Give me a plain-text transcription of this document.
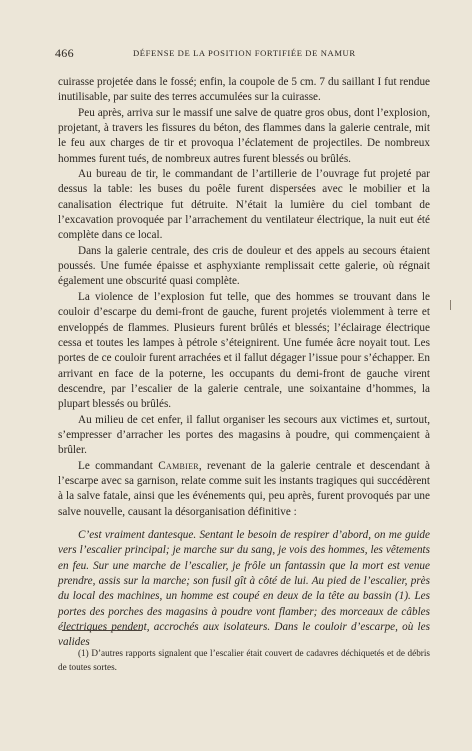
466	DÉFENSE DE LA POSITION FORTIFIÉE DE NAMUR

cuirasse projetée dans le fossé; enfin, la coupole de 5 cm. 7 du saillant I fut rendue inutilisable, par suite des terres accumulées sur la cuirasse.

Peu après, arriva sur le massif une salve de quatre gros obus, dont l’explosion, projetant, à travers les fissures du béton, des flammes dans la galerie centrale, mit le feu aux charges de tir et provoqua l’éclatement de projectiles. De nombreux hommes furent tués, de nombreux autres furent blessés ou brûlés.

Au bureau de tir, le commandant de l’artillerie de l’ouvrage fut projeté par dessus la table: les buses du poêle furent dispersées avec le mobilier et la canalisation électrique fut détruite. N’était la lumière du ciel tombant de l’excavation provoquée par l’arrachement du ventilateur électrique, la nuit eut été complète dans ce local.

Dans la galerie centrale, des cris de douleur et des appels au secours étaient poussés. Une fumée épaisse et asphyxiante remplissait cette galerie, où régnait également une obscurité quasi complète.

La violence de l’explosion fut telle, que des hommes se trouvant dans le couloir d’escarpe du demi-front de gauche, furent projetés violemment à terre et enveloppés de flammes. Plusieurs furent brûlés et blessés; l’éclairage électrique cessa et toutes les lampes à pétrole s’éteignirent. Une fumée âcre noyait tout. Les portes de ce couloir furent arrachées et il fallut dégager l’issue pour s’échapper. En arrivant en face de la poterne, les occupants du demi-front de gauche virent descendre, par l’escalier de la galerie centrale, une soixantaine d’hommes, la plupart blessés ou brûlés.

Au milieu de cet enfer, il fallut organiser les secours aux victimes et, surtout, s’empresser d’arracher les portes des magasins à poudre, qui commençaient à brûler.

Le commandant Cambier, revenant de la galerie centrale et descendant à l’escarpe avec sa garnison, relate comme suit les instants tragiques qui succédèrent à la salve fatale, ainsi que les événements qui, peu après, furent provoqués par une salve nouvelle, causant la désorganisation définitive :

C’est vraiment dantesque. Sentant le besoin de respirer d’abord, on me guide vers l’escalier principal; je marche sur du sang, je vois des hommes, les vêtements en feu. Sur une marche de l’escalier, je frôle un fantassin que la mort est venue prendre, assis sur la marche; son fusil gît à côté de lui. Au pied de l’escalier, près du local des machines, un homme est coupé en deux de la tête au bassin (1). Les portes des porches des magasins à poudre vont flamber; des morceaux de câbles électriques pendent, accrochés aux isolateurs. Dans le couloir d’escarpe, où les valides

(1) D’autres rapports signalent que l’escalier était couvert de cadavres déchiquetés et de débris de toutes sortes.
